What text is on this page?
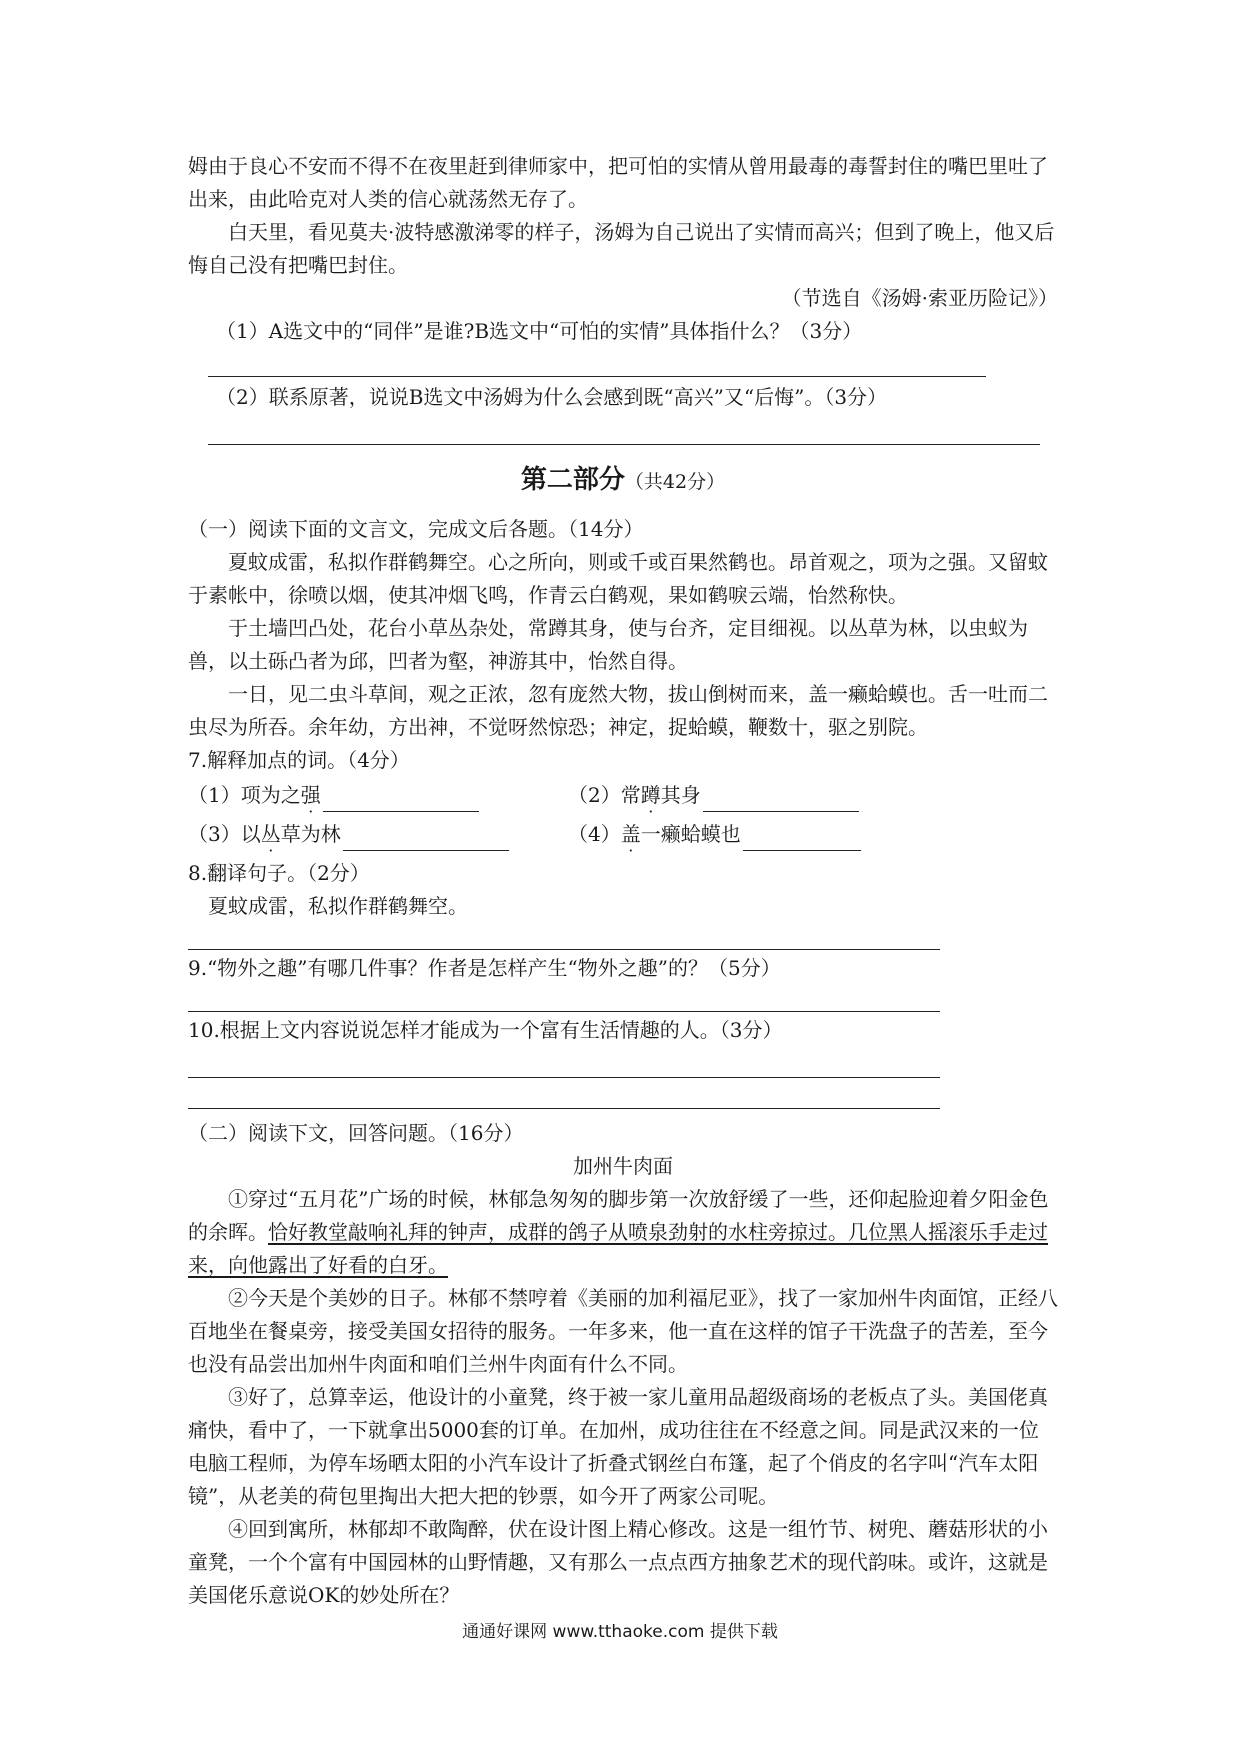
姆由于良心不安而不得不在夜里赶到律师家中，把可怕的实情从曾用最毒的毒誓封住的嘴巴里吐了出来，由此哈克对人类的信心就荡然无存了。

白天里，看见莫夫·波特感激涕零的样子，汤姆为自己说出了实情而高兴；但到了晚上，他又后悔自己没有把嘴巴封住。

（节选自《汤姆·索亚历险记》）

（1）A选文中的“同伴”是谁?B选文中“可怕的实情”具体指什么？（3分）

（2）联系原著，说说B选文中汤姆为什么会感到既“高兴”又“后悔”。（3分）

第二部分（共42分）

（一）阅读下面的文言文，完成文后各题。（14分）

夏蚊成雷，私拟作群鹤舞空。心之所向，则或千或百果然鹤也。昂首观之，项为之强。又留蚊于素帐中，徐喷以烟，使其冲烟飞鸣，作青云白鹤观，果如鹤唳云端，怡然称快。

于土墙凹凸处，花台小草丛杂处，常蹲其身，使与台齐，定目细视。以丛草为林，以虫蚁为兽，以土砾凸者为邱，凹者为壑，神游其中，怡然自得。

一日，见二虫斗草间，观之正浓，忽有庞然大物，拔山倒树而来，盖一癞蛤蟆也。舌一吐而二虫尽为所吞。余年幼，方出神，不觉呀然惊恐；神定，捉蛤蟆，鞭数十，驱之别院。

7.解释加点的词。（4分）

（1）项为之 强 ·	（2）常 蹲 · 其身
（3）以 丛 · 草为林	（4） 盖 · 一癞蛤蟆也

8.翻译句子。（2分）

夏蚊成雷，私拟作群鹤舞空。

9.“物外之趣”有哪几件事？作者是怎样产生“物外之趣”的？（5分）

10.根据上文内容说说怎样才能成为一个富有生活情趣的人。（3分）

（二）阅读下文，回答问题。（16分）

加州牛肉面

①穿过“五月花”广场的时候，林郁急匆匆的脚步第一次放舒缓了一些，还仰起脸迎着夕阳金色的余晖。恰好教堂敲响礼拜的钟声，成群的鸽子从喷泉劲射的水柱旁掠过。几位黑人摇滚乐手走过来，向他露出了好看的白牙。

②今天是个美妙的日子。林郁不禁哼着《美丽的加利福尼亚》，找了一家加州牛肉面馆，正经八百地坐在餐桌旁，接受美国女招待的服务。一年多来，他一直在这样的馆子干洗盘子的苦差，至今也没有品尝出加州牛肉面和咱们兰州牛肉面有什么不同。

③好了，总算幸运，他设计的小童凳，终于被一家儿童用品超级商场的老板点了头。美国佬真痛快，看中了，一下就拿出5000套的订单。在加州，成功往往在不经意之间。同是武汉来的一位电脑工程师，为停车场晒太阳的小汽车设计了折叠式钢丝白布篷，起了个俏皮的名字叫“汽车太阳镜”，从老美的荷包里掏出大把大把的钞票，如今开了两家公司呢。

④回到寓所，林郁却不敢陶醉，伏在设计图上精心修改。这是一组竹节、树兜、蘑菇形状的小童凳，一个个富有中国园林的山野情趣，又有那么一点点西方抽象艺术的现代韵味。或许，这就是美国佬乐意说OK的妙处所在？

通通好课网 www.tthaoke.com 提供下载
